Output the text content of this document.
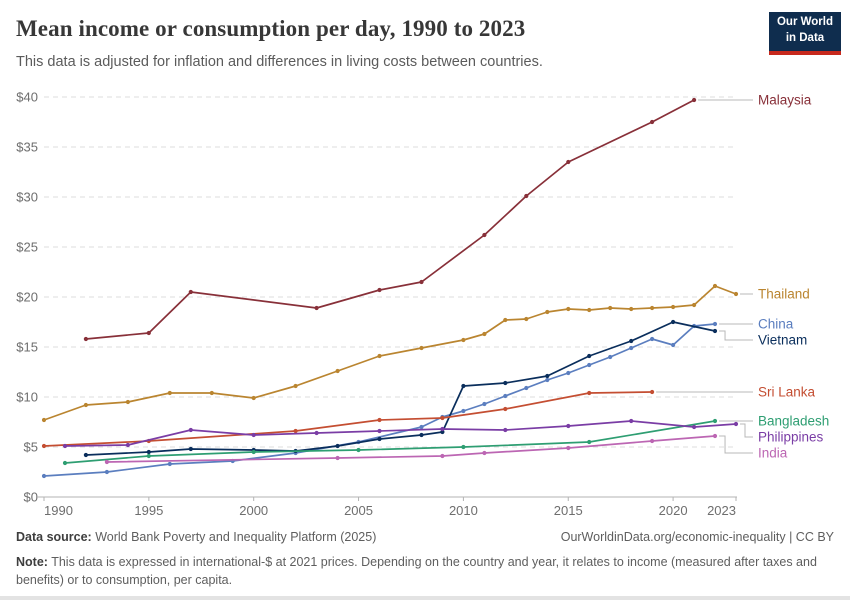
Mean income or consumption per day, 1990 to 2023
This data is adjusted for inflation and differences in living costs between countries.
Our World
in Data
$0
$5
$10
$15
$20
$25
$30
$35
$40
1990	1995	2000	2005	2010	2015	2020 2023
Malaysia
Thailand
China
Vietnam
Sri Lanka
Bangladesh
Philippines
India
Data source: World Bank Poverty and Inequality Platform (2025)	OurWorldinData.org/economic-inequality | CC BY
Note: This data is expressed in international-$ at 2021 prices. Depending on the country and year, it relates to income (measured after taxes and benefits) or to consumption, per capita.
